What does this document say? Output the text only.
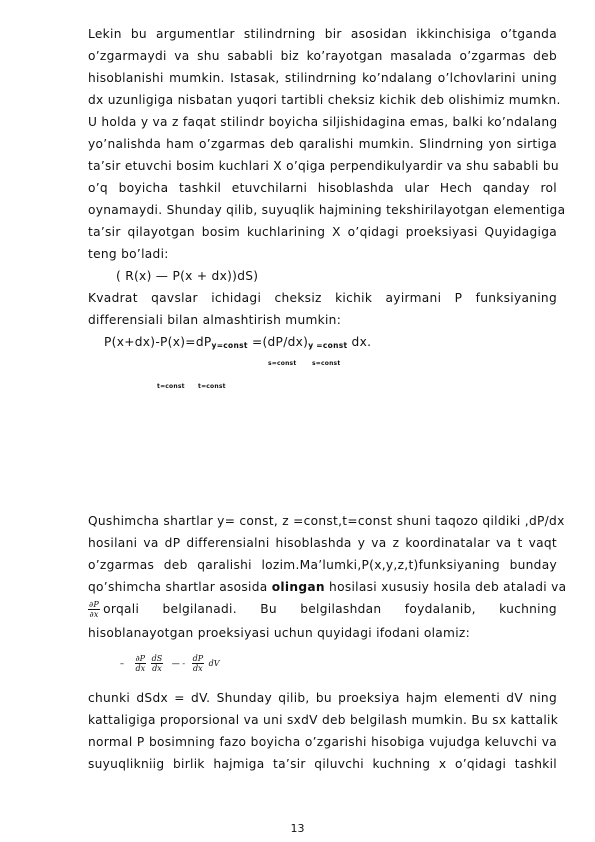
Lekin bu argumentlar stilindrning bir asosidan ikkinchisiga o’tganda
o’zgarmaydi va shu sababli biz ko’rayotgan masalada o’zgarmas deb
hisoblanishi mumkin. Istasak, stilindrning ko’ndalang o’lchovlarini uning
dx uzunligiga nisbatan yuqori tartibli cheksiz kichik deb olishimiz mumkn.
U holda y va z faqat stilindr boyicha siljishidagina emas, balki ko’ndalang
yo’nalishda ham o’zgarmas deb qaralishi mumkin. Slindrning yon sirtiga
ta’sir etuvchi bosim kuchlari X o’qiga perpendikulyardir va shu sababli bu
o’q boyicha tashkil etuvchilarni hisoblashda ular Hech qanday rol
oynamaydi. Shunday qilib, suyuqlik hajmining tekshirilayotgan elementiga
ta’sir qilayotgan bosim kuchlarining X o’qidagi proeksiyasi Quyidagiga
teng bo’ladi:
( R(x) — P(x + dx))dS)
Kvadrat qavslar ichidagi cheksiz kichik ayirmani P funksiyaning
differensiali bilan almashtirish mumkin:
$P(x+dx)-P(x)=dP_{y=const} =(dP/dx)_{y =const}$ dx.
s=const	s=const
t=const t=const
Qushimcha shartlar y= const, z =const,t=const shuni taqozo qildiki ,dP/dx
hosilani va dP differensialni hisoblashda y va z koordinatalar va t vaqt
o’zgarmas deb qaralishi lozim.Ma’lumki,P(x,y,z,t)funksiyaning bunday
qo’shimcha shartlar asosida olingan hosilasi xususiy hosila deb ataladi va
$\frac{\partial P}{\partial x}$ orqali belgilanadi. Bu belgilashdan foydalanib, kuchning
hisoblanayotgan proeksiyasi uchun quyidagi ifodani olamiz:
– $\frac{\partial P}{dx}$
$\frac{dS}{dx}$ — - $\frac{dP}{dx}$ dV
chunki dSdx = dV. Shunday qilib, bu proeksiya hajm elementi dV ning
kattaligiga proporsional va uni sxdV deb belgilash mumkin. Bu sx kattalik
normal P bosimning fazo boyicha o’zgarishi hisobiga vujudga keluvchi va
suyuqlikniig birlik hajmiga ta’sir qiluvchi kuchning x o’qidagi tashkil
13
